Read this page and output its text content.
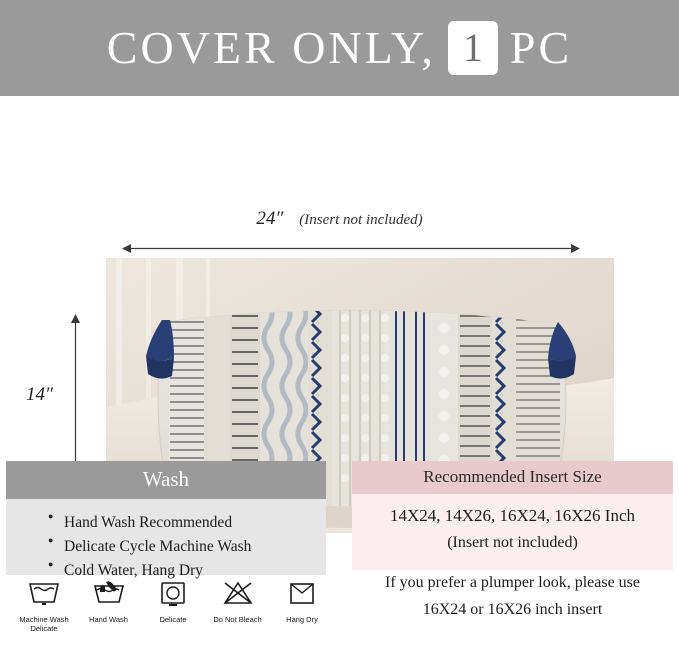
COVER ONLY, 1 PC
24″ (Insert not included)
14″
Wash
● Hand Wash Recommended
● Delicate Cycle Machine Wash
● Cold Water, Hang Dry
Machine Wash
Delicate
Hand Wash	Delicate	Do Not Bleach	Hang Dry
Recommended Insert Size
14X24, 14X26, 16X24, 16X26 Inch
(Insert not included)
If you prefer a plumper look, please use
16X24 or 16X26 inch insert
